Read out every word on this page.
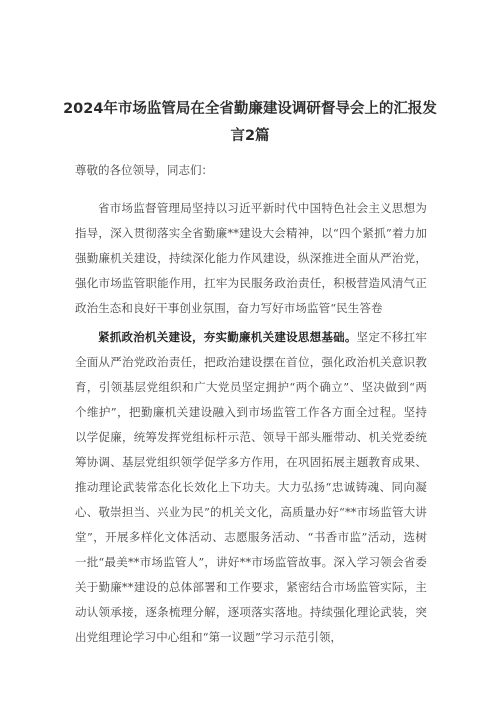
2024年市场监管局在全省勤廉建设调研督导会上的汇报发言2篇
尊敬的各位领导，同志们：
省市场监督管理局坚持以习近平新时代中国特色社会主义思想为指导，深入贯彻落实全省勤廉**建设大会精神，以“四个紧抓”着力加强勤廉机关建设，持续深化能力作风建设，纵深推进全面从严治党，强化市场监管职能作用，扛牢为民服务政治责任，积极营造风清气正政治生态和良好干事创业氛围，奋力写好市场监管“民生答卷
紧抓政治机关建设，夯实勤廉机关建设思想基础。坚定不移扛牢全面从严治党政治责任，把政治建设摆在首位，强化政治机关意识教育，引领基层党组织和广大党员坚定拥护“两个确立”、坚决做到“两个维护”，把勤廉机关建设融入到市场监管工作各方面全过程。坚持以学促廉，统筹发挥党组标杆示范、领导干部头雁带动、机关党委统筹协调、基层党组织领学促学多方作用，在巩固拓展主题教育成果、推动理论武装常态化长效化上下功夫。大力弘扬“忠诚铸魂、同向凝心、敬崇担当、兴业为民”的机关文化，高质量办好“**市场监管大讲堂”，开展多样化文体活动、志愿服务活动、“书香市监”活动，选树一批“最美**市场监管人”，讲好**市场监管故事。深入学习领会省委关于勤廉**建设的总体部署和工作要求，紧密结合市场监管实际，主动认领承接，逐条梳理分解，逐项落实落地。持续强化理论武装，突出党组理论学习中心组和“第一议题”学习示范引领，
